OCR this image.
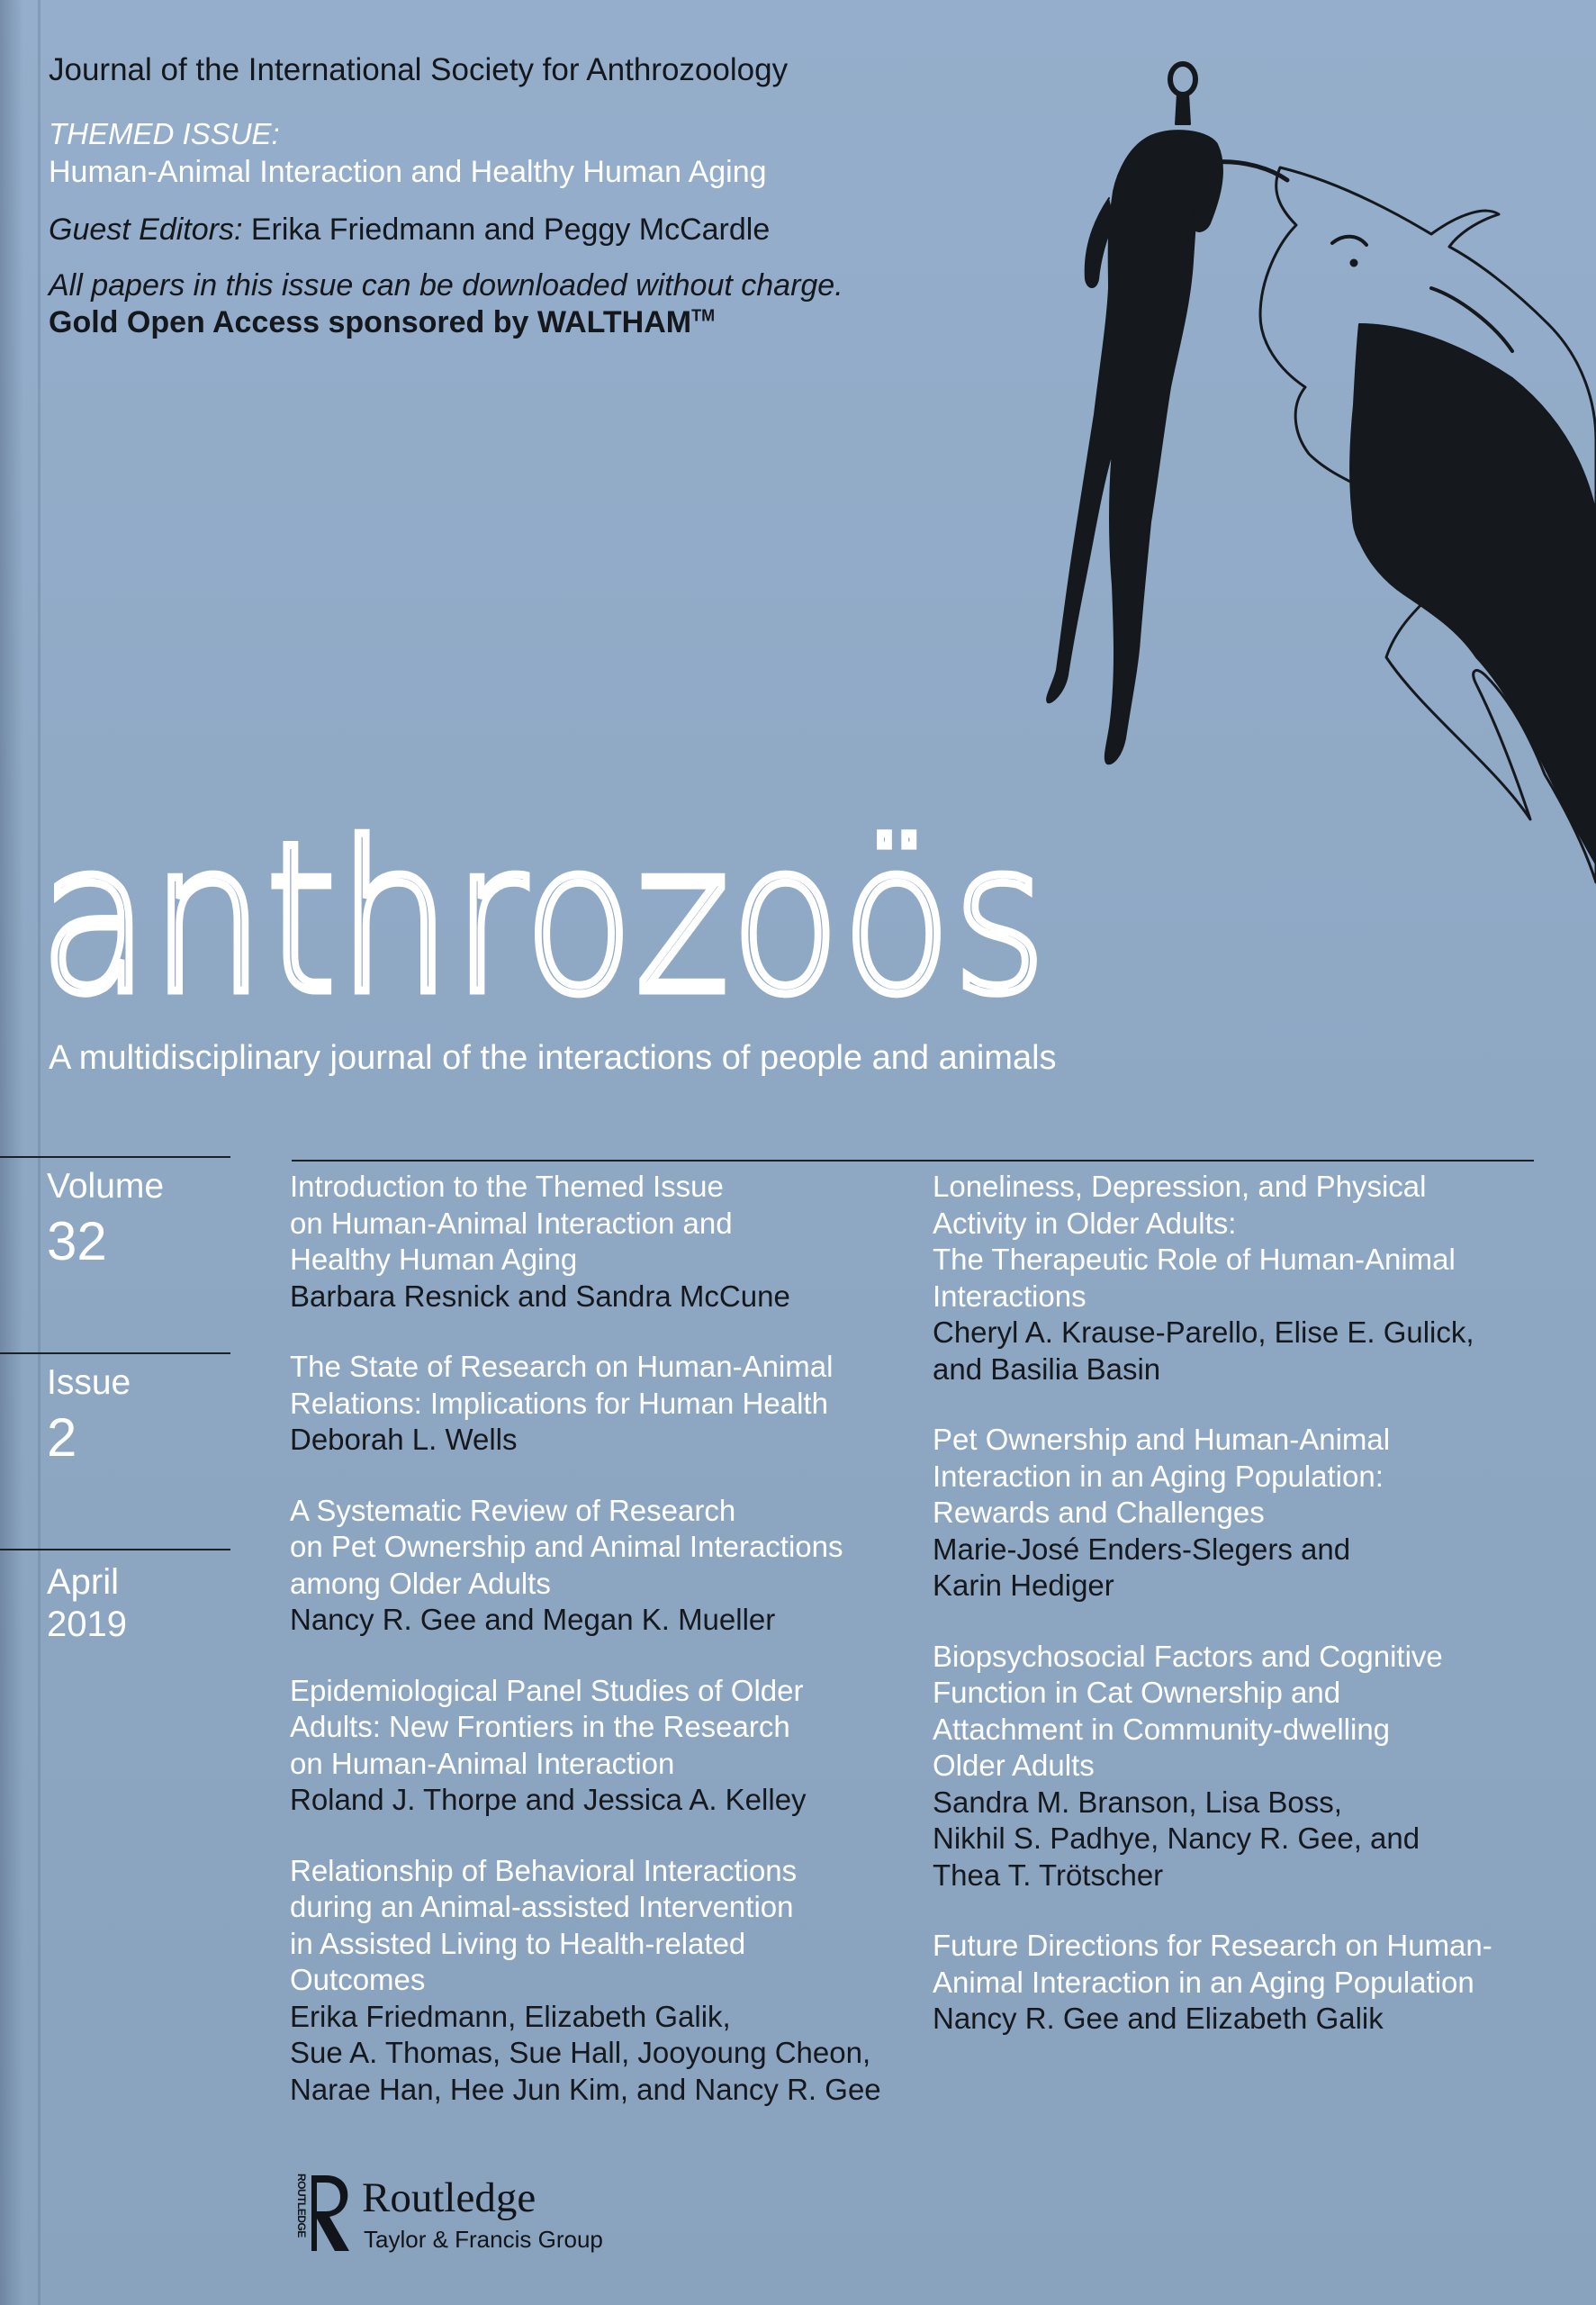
Journal of the International Society for Anthrozoology
THEMED ISSUE:
Human-Animal Interaction and Healthy Human Aging
Guest Editors: Erika Friedmann and Peggy McCardle
All papers in this issue can be downloaded without charge.
Gold Open Access sponsored by WALTHAM™
anthrozoös
A multidisciplinary journal of the interactions of people and animals
Volume
32
Issue
2
April
2019
Introduction to the Themed Issue
on Human-Animal Interaction and
Healthy Human Aging
Barbara Resnick and Sandra McCune
The State of Research on Human-Animal
Relations: Implications for Human Health
Deborah L. Wells
A Systematic Review of Research
on Pet Ownership and Animal Interactions
among Older Adults
Nancy R. Gee and Megan K. Mueller
Epidemiological Panel Studies of Older
Adults: New Frontiers in the Research
on Human-Animal Interaction
Roland J. Thorpe and Jessica A. Kelley
Relationship of Behavioral Interactions
during an Animal-assisted Intervention
in Assisted Living to Health-related
Outcomes
Erika Friedmann, Elizabeth Galik,
Sue A. Thomas, Sue Hall, Jooyoung Cheon,
Narae Han, Hee Jun Kim, and Nancy R. Gee
Loneliness, Depression, and Physical
Activity in Older Adults:
The Therapeutic Role of Human-Animal
Interactions
Cheryl A. Krause-Parello, Elise E. Gulick,
and Basilia Basin
Pet Ownership and Human-Animal
Interaction in an Aging Population:
Rewards and Challenges
Marie-José Enders-Slegers and
Karin Hediger
Biopsychosocial Factors and Cognitive
Function in Cat Ownership and
Attachment in Community-dwelling
Older Adults
Sandra M. Branson, Lisa Boss,
Nikhil S. Padhye, Nancy R. Gee, and
Thea T. Trötscher
Future Directions for Research on Human-
Animal Interaction in an Aging Population
Nancy R. Gee and Elizabeth Galik
ROUTLEDGE Routledge
Taylor & Francis Group
